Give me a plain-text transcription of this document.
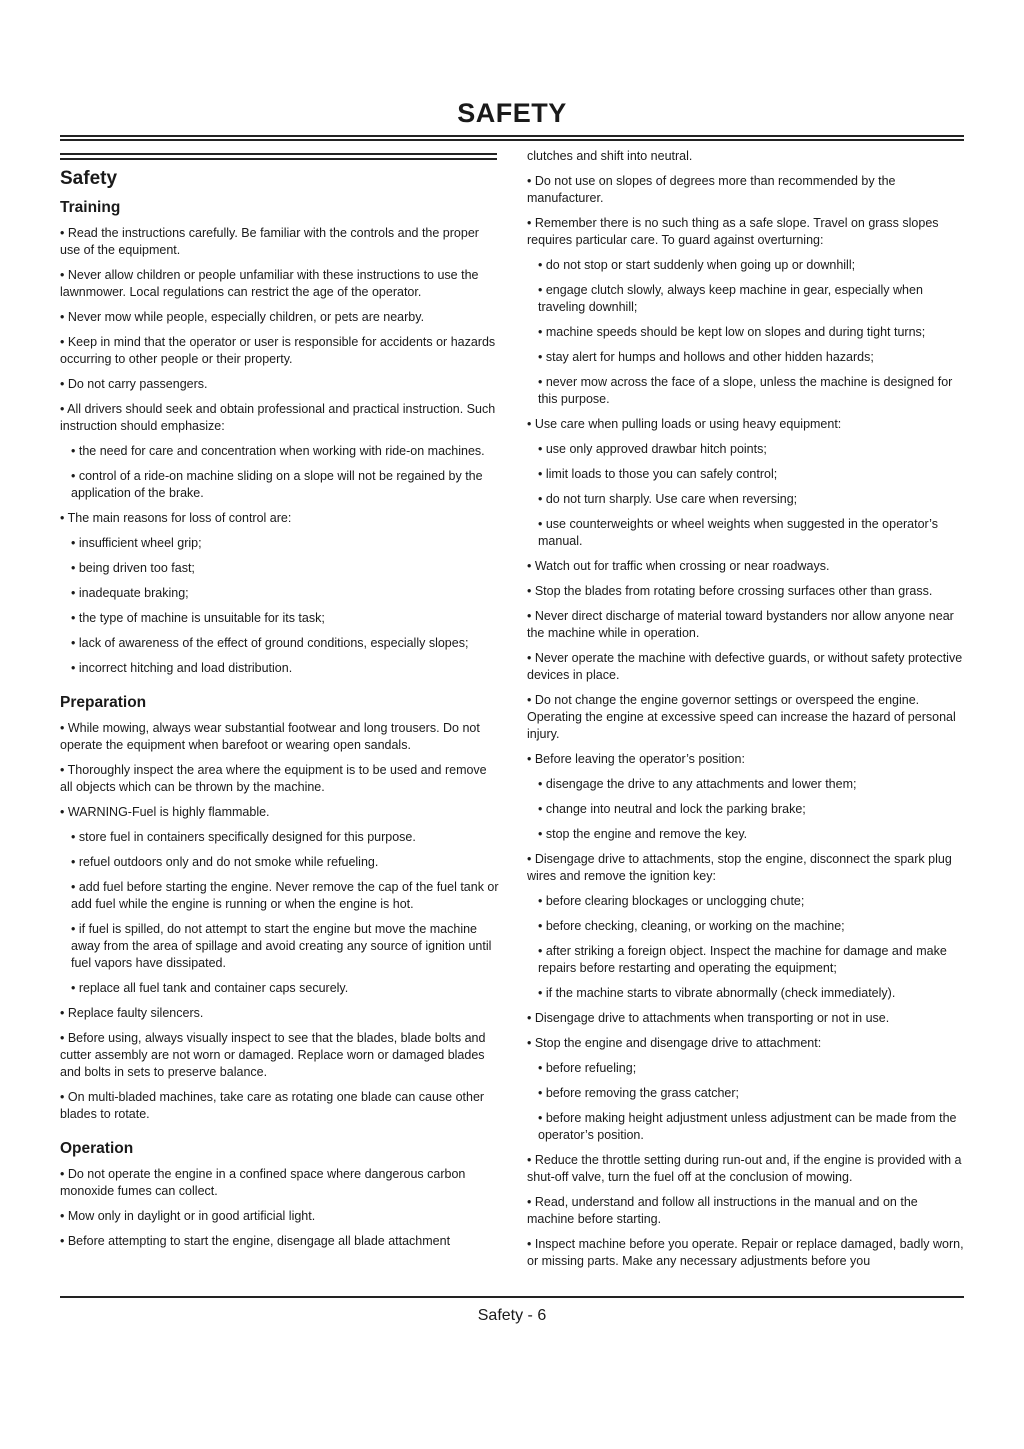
SAFETY
Safety
Training

• Read the instructions carefully. Be familiar with the controls and the proper use of the equipment.

• Never allow children or people unfamiliar with these instructions to use the lawnmower. Local regulations can restrict the age of the operator.

• Never mow while people, especially children, or pets are nearby.

• Keep in mind that the operator or user is responsible for accidents or hazards occurring to other people or their property.

• Do not carry passengers.

• All drivers should seek and obtain professional and practical instruction. Such instruction should emphasize:

• the need for care and concentration when working with ride-on machines.

• control of a ride-on machine sliding on a slope will not be regained by the application of the brake.

• The main reasons for loss of control are:

• insufficient wheel grip;

• being driven too fast;

• inadequate braking;

• the type of machine is unsuitable for its task;

• lack of awareness of the effect of ground conditions, especially slopes;

• incorrect hitching and load distribution.

Preparation

• While mowing, always wear substantial footwear and long trousers. Do not operate the equipment when barefoot or wearing open sandals.

• Thoroughly inspect the area where the equipment is to be used and remove all objects which can be thrown by the machine.

• WARNING-Fuel is highly flammable.

• store fuel in containers specifically designed for this purpose.

• refuel outdoors only and do not smoke while refueling.

• add fuel before starting the engine. Never remove the cap of the fuel tank or add fuel while the engine is running or when the engine is hot.

• if fuel is spilled, do not attempt to start the engine but move the machine away from the area of spillage and avoid creating any source of ignition until fuel vapors have dissipated.

• replace all fuel tank and container caps securely.

• Replace faulty silencers.

• Before using, always visually inspect to see that the blades, blade bolts and cutter assembly are not worn or damaged. Replace worn or damaged blades and bolts in sets to preserve balance.

• On multi-bladed machines, take care as rotating one blade can cause other blades to rotate.

Operation

• Do not operate the engine in a confined space where dangerous carbon monoxide fumes can collect.

• Mow only in daylight or in good artificial light.

• Before attempting to start the engine, disengage all blade attachment

clutches and shift into neutral.

• Do not use on slopes of degrees more than recommended by the manufacturer.

• Remember there is no such thing as a safe slope. Travel on grass slopes requires particular care. To guard against overturning:

• do not stop or start suddenly when going up or downhill;

• engage clutch slowly, always keep machine in gear, especially when traveling downhill;

• machine speeds should be kept low on slopes and during tight turns;

• stay alert for humps and hollows and other hidden hazards;

• never mow across the face of a slope, unless the machine is designed for this purpose.

• Use care when pulling loads or using heavy equipment:

• use only approved drawbar hitch points;

• limit loads to those you can safely control;

• do not turn sharply. Use care when reversing;

• use counterweights or wheel weights when suggested in the operator’s manual.

• Watch out for traffic when crossing or near roadways.

• Stop the blades from rotating before crossing surfaces other than grass.

• Never direct discharge of material toward bystanders nor allow anyone near the machine while in operation.

• Never operate the machine with defective guards, or without safety protective devices in place.

• Do not change the engine governor settings or overspeed the engine. Operating the engine at excessive speed can increase the hazard of personal injury.

• Before leaving the operator’s position:

• disengage the drive to any attachments and lower them;

• change into neutral and lock the parking brake;

• stop the engine and remove the key.

• Disengage drive to attachments, stop the engine, disconnect the spark plug wires and remove the ignition key:

• before clearing blockages or unclogging chute;

• before checking, cleaning, or working on the machine;

• after striking a foreign object. Inspect the machine for damage and make repairs before restarting and operating the equipment;

• if the machine starts to vibrate abnormally (check immediately).

• Disengage drive to attachments when transporting or not in use.

• Stop the engine and disengage drive to attachment:

• before refueling;

• before removing the grass catcher;

• before making height adjustment unless adjustment can be made from the operator’s position.

• Reduce the throttle setting during run-out and, if the engine is provided with a shut-off valve, turn the fuel off at the conclusion of mowing.

• Read, understand and follow all instructions in the manual and on the machine before starting.

• Inspect machine before you operate. Repair or replace damaged, badly worn, or missing parts. Make any necessary adjustments before you

Safety - 6
